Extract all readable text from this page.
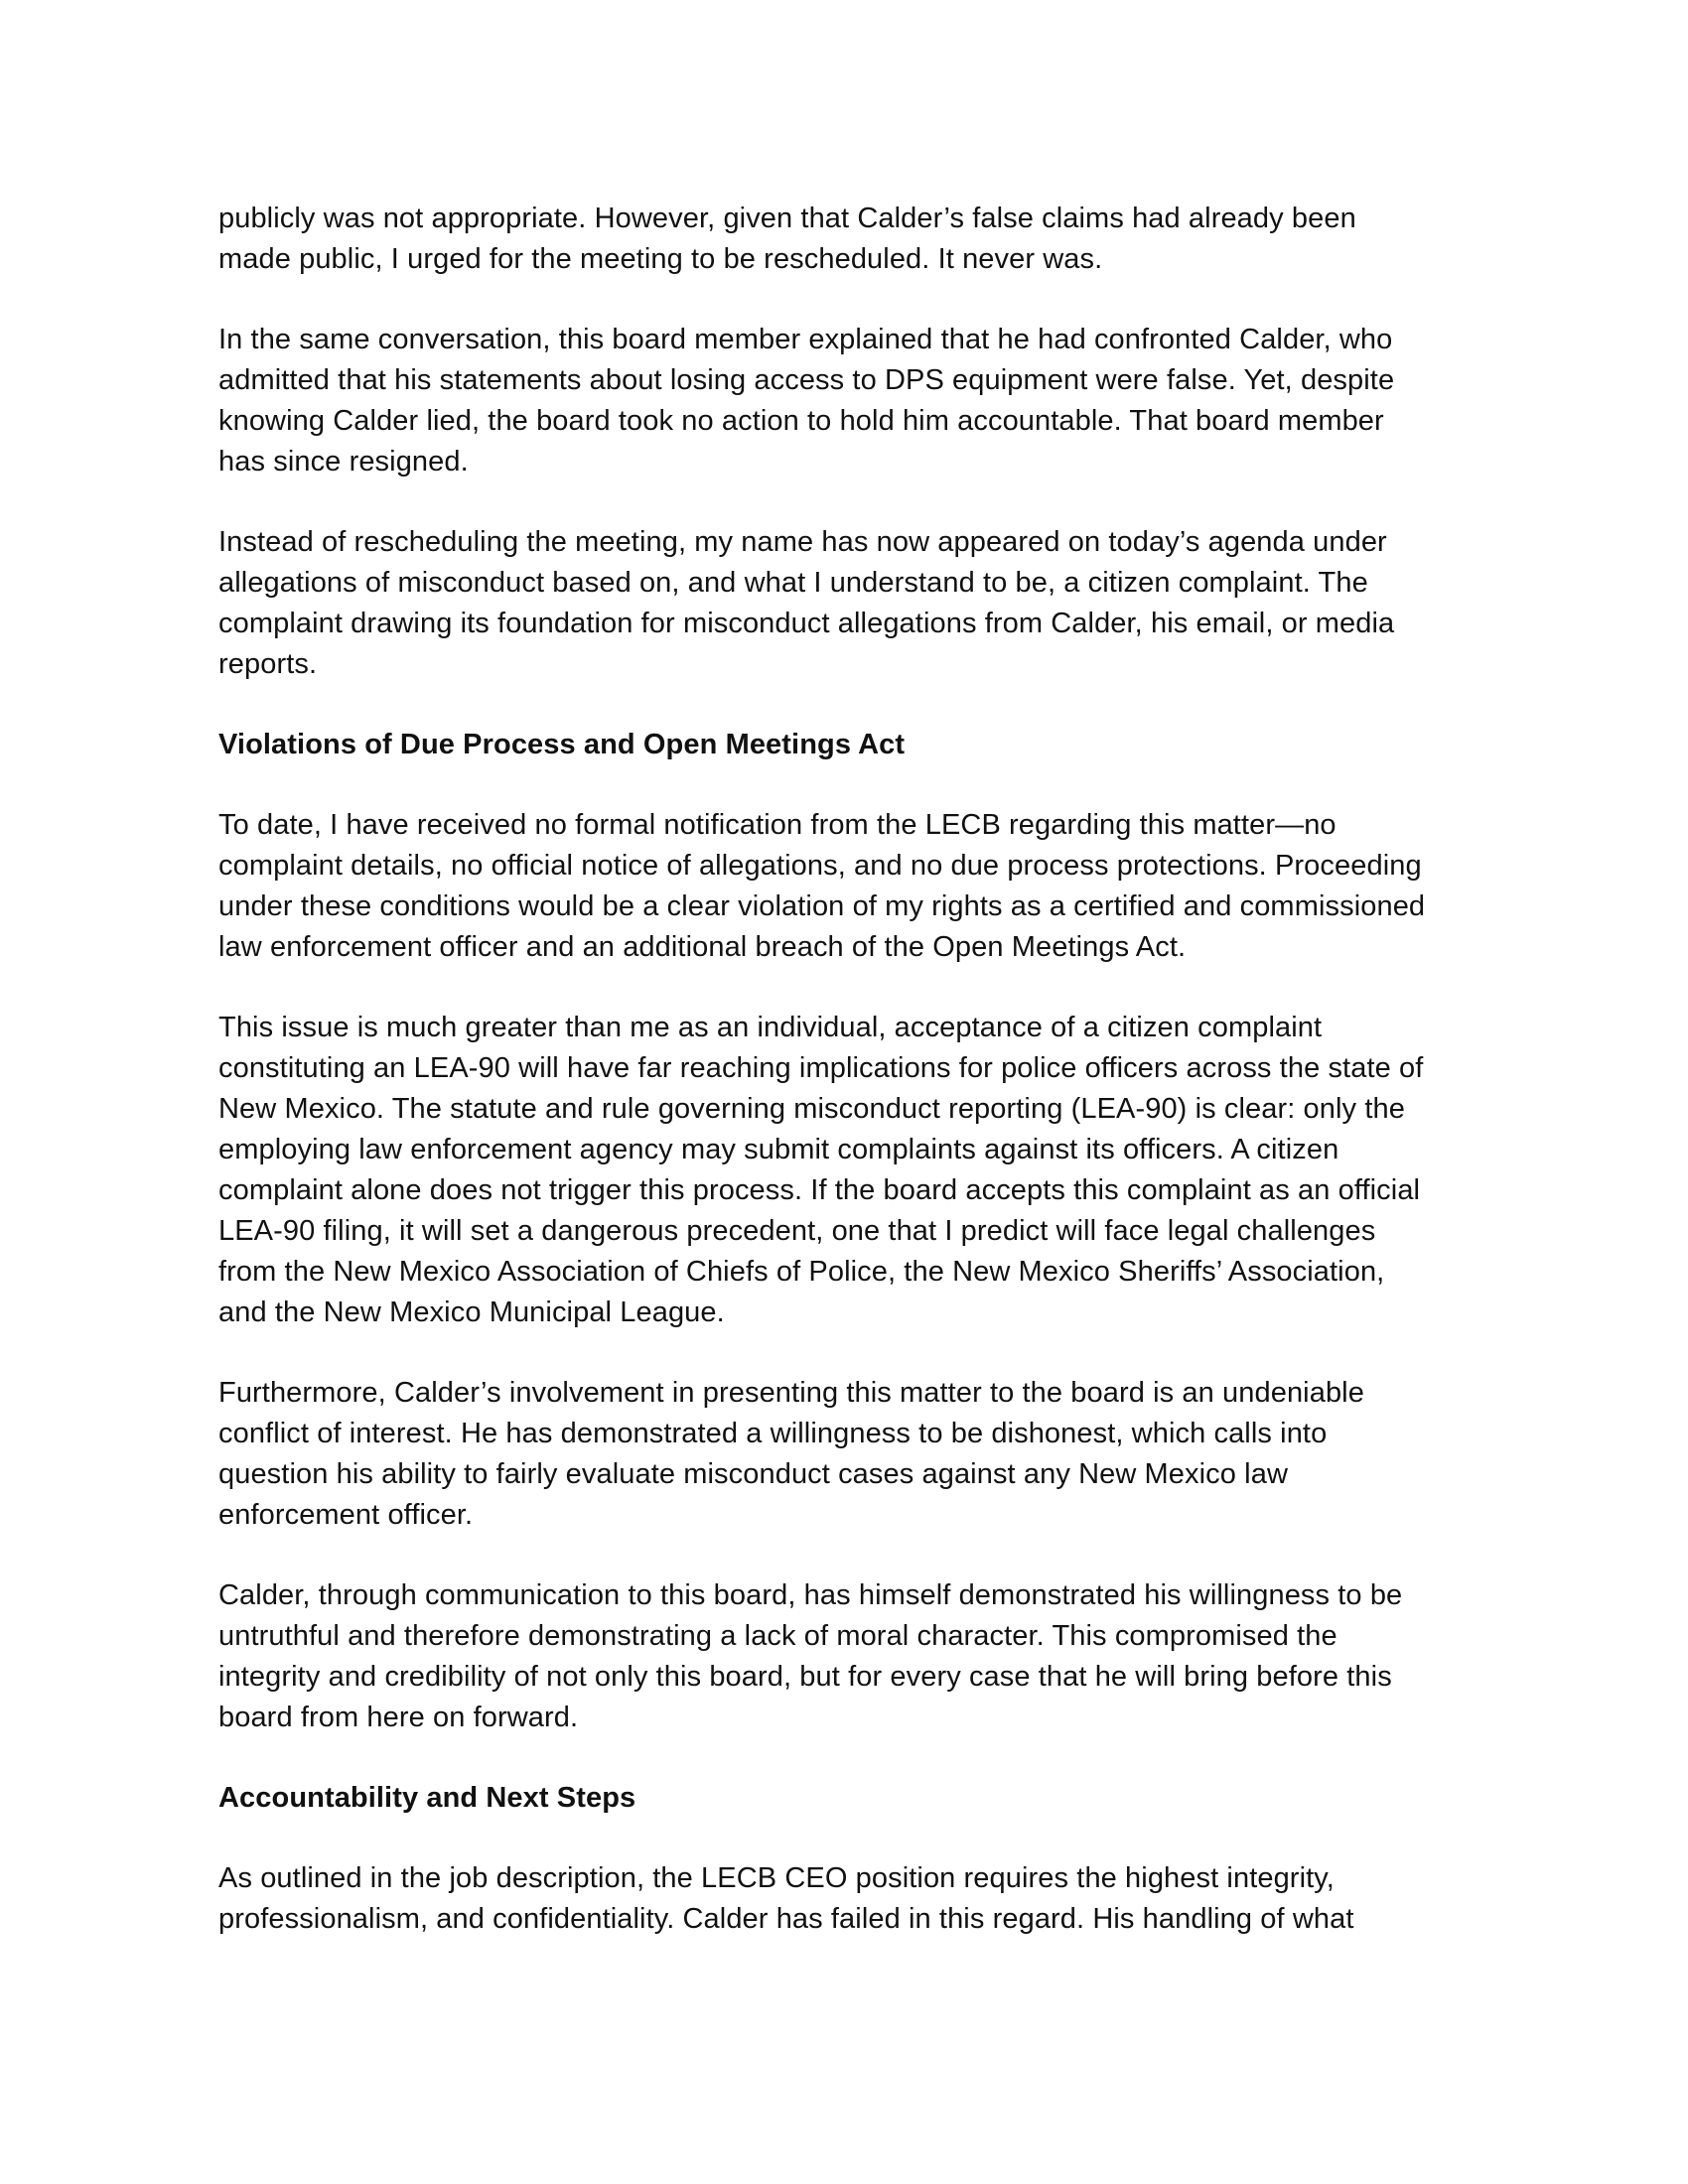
publicly was not appropriate. However, given that Calder’s false claims had already been
made public, I urged for the meeting to be rescheduled. It never was.
In the same conversation, this board member explained that he had confronted Calder, who
admitted that his statements about losing access to DPS equipment were false. Yet, despite
knowing Calder lied, the board took no action to hold him accountable. That board member
has since resigned.
Instead of rescheduling the meeting, my name has now appeared on today’s agenda under
allegations of misconduct based on, and what I understand to be, a citizen complaint. The
complaint drawing its foundation for misconduct allegations from Calder, his email, or media
reports.
Violations of Due Process and Open Meetings Act
To date, I have received no formal notification from the LECB regarding this matter—no
complaint details, no official notice of allegations, and no due process protections. Proceeding
under these conditions would be a clear violation of my rights as a certified and commissioned
law enforcement officer and an additional breach of the Open Meetings Act.
This issue is much greater than me as an individual, acceptance of a citizen complaint
constituting an LEA-90 will have far reaching implications for police officers across the state of
New Mexico. The statute and rule governing misconduct reporting (LEA-90) is clear: only the
employing law enforcement agency may submit complaints against its officers. A citizen
complaint alone does not trigger this process. If the board accepts this complaint as an official
LEA-90 filing, it will set a dangerous precedent, one that I predict will face legal challenges
from the New Mexico Association of Chiefs of Police, the New Mexico Sheriffs’ Association,
and the New Mexico Municipal League.
Furthermore, Calder’s involvement in presenting this matter to the board is an undeniable
conflict of interest. He has demonstrated a willingness to be dishonest, which calls into
question his ability to fairly evaluate misconduct cases against any New Mexico law
enforcement officer.
Calder, through communication to this board, has himself demonstrated his willingness to be
untruthful and therefore demonstrating a lack of moral character. This compromised the
integrity and credibility of not only this board, but for every case that he will bring before this
board from here on forward.
Accountability and Next Steps
As outlined in the job description, the LECB CEO position requires the highest integrity,
professionalism, and confidentiality. Calder has failed in this regard. His handling of what
